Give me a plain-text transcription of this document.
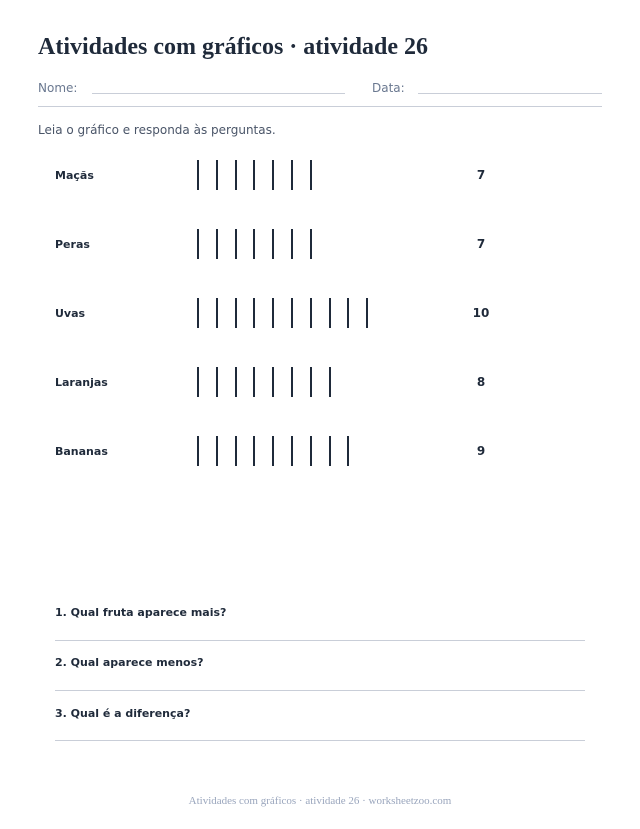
Atividades com gráficos · atividade 26
Nome:	Data:
Leia o gráfico e responda às perguntas.
Maçãs	7
Peras	7
Uvas	10
Laranjas	8
Bananas	9
1. Qual fruta aparece mais?
2. Qual aparece menos?
3. Qual é a diferença?
Atividades com gráficos · atividade 26 · worksheetzoo.com
